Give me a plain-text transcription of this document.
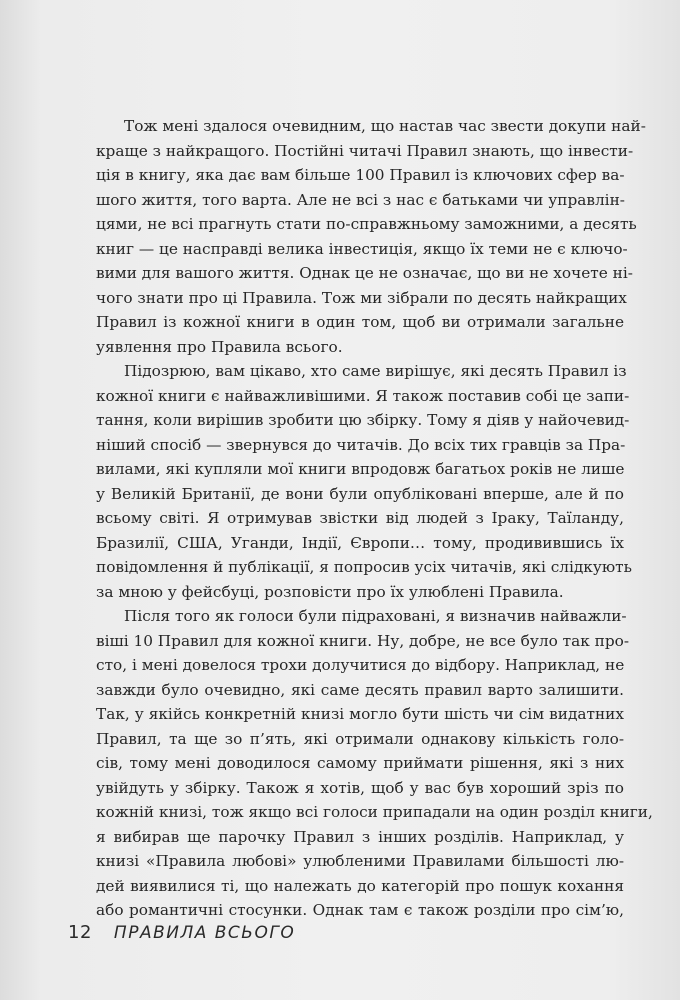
Тож мені здалося очевидним, що настав час звести докупи най-
краще з найкращого. Постійні читачі Правил знають, що інвести-
ція в книгу, яка дає вам більше 100 Правил із ключових сфер ва-
шого життя, того варта. Але не всі з нас є батьками чи управлін-
цями, не всі прагнуть стати по-справжньому заможними, а десять
книг — це насправді велика інвестиція, якщо їх теми не є ключо-
вими для вашого життя. Однак це не означає, що ви не хочете ні-
чого знати про ці Правила. Тож ми зібрали по десять найкращих
Правил із кожної книги в один том, щоб ви отримали загальне
уявлення про Правила всього.
Підозрюю, вам цікаво, хто саме вирішує, які десять Правил із
кожної книги є найважливішими. Я також поставив собі це запи-
тання, коли вирішив зробити цю збірку. Тому я діяв у найочевид-
ніший спосіб — звернувся до читачів. До всіх тих гравців за Пра-
вилами, які купляли мої книги впродовж багатьох років не лише
у Великій Британії, де вони були опубліковані вперше, але й по
всьому світі. Я отримував звістки від людей з Іраку, Таїланду,
Бразилії, США, Уганди, Індії, Європи… тому, продивившись їх
повідомлення й публікації, я попросив усіх читачів, які слідкують
за мною у фейсбуці, розповісти про їх улюблені Правила.
Після того як голоси були підраховані, я визначив найважли-
віші 10 Правил для кожної книги. Ну, добре, не все було так про-
сто, і мені довелося трохи долучитися до відбору. Наприклад, не
завжди було очевидно, які саме десять правил варто залишити.
Так, у якійсь конкретній книзі могло бути шість чи сім видатних
Правил, та ще зо п’ять, які отримали однакову кількість голо-
сів, тому мені доводилося самому приймати рішення, які з них
увійдуть у збірку. Також я хотів, щоб у вас був хороший зріз по
кожній книзі, тож якщо всі голоси припадали на один розділ книги,
я вибирав ще парочку Правил з інших розділів. Наприклад, у
книзі «Правила любові» улюбленими Правилами більшості лю-
дей виявилися ті, що належать до категорій про пошук кохання
або романтичні стосунки. Однак там є також розділи про сім’ю,
12 ПРАВИЛА ВСЬОГО
